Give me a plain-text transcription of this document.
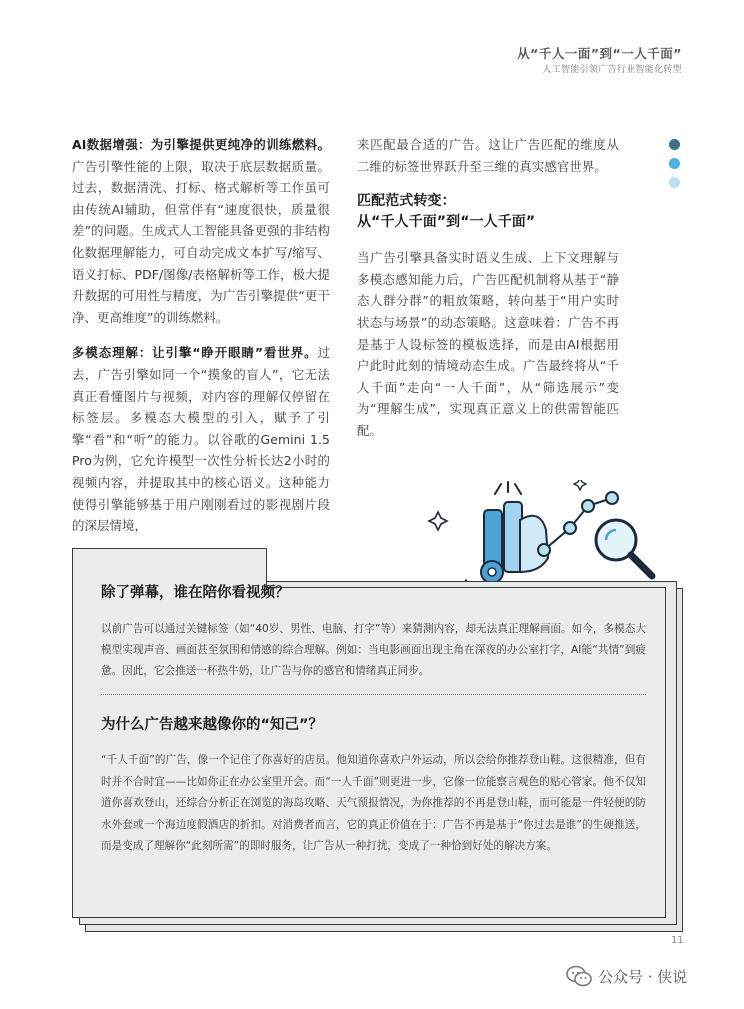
从“千人一面”到“一人千面”
人工智能引领广告行业智能化转型

AI数据增强：为引擎提供更纯净的训练燃料。广告引擎性能的上限，取决于底层数据质量。过去，数据清洗、打标、格式解析等工作虽可由传统AI辅助，但常伴有“速度很快，质量很差”的问题。生成式人工智能具备更强的非结构化数据理解能力，可自动完成文本扩写/缩写、语义打标、PDF/图像/表格解析等工作，极大提升数据的可用性与精度，为广告引擎提供“更干净、更高维度”的训练燃料。

多模态理解：让引擎“睁开眼睛”看世界。过去，广告引擎如同一个“摸象的盲人”，它无法真正看懂图片与视频，对内容的理解仅停留在标签层。多模态大模型的引入，赋予了引擎“看”和“听”的能力。以谷歌的Gemini 1.5 Pro为例，它允许模型一次性分析长达2小时的视频内容，并提取其中的核心语义。这种能力使得引擎能够基于用户刚刚看过的影视剧片段的深层情境，

来匹配最合适的广告。这让广告匹配的维度从二维的标签世界跃升至三维的真实感官世界。

匹配范式转变：
从“千人千面”到“一人千面”

当广告引擎具备实时语义生成、上下文理解与多模态感知能力后，广告匹配机制将从基于“静态人群分群”的粗放策略，转向基于“用户实时状态与场景”的动态策略。这意味着：广告不再是基于人设标签的模板选择，而是由AI根据用户此时此刻的情境动态生成。广告最终将从“千人千面”走向“一人千面”，从“筛选展示”变为“理解生成”，实现真正意义上的供需智能匹配。

除了弹幕，谁在陪你看视频？
以前广告可以通过关键标签（如“40岁、男性、电脑、打字”等）来猜测内容，却无法真正理解画面。如今，多模态大模型实现声音、画面甚至氛围和情感的综合理解。例如：当电影画面出现主角在深夜的办公室打字，AI能“共情”到疲惫。因此，它会推送一杯热牛奶，让广告与你的感官和情绪真正同步。
为什么广告越来越像你的“知己”？
“千人千面”的广告，像一个记住了你喜好的店员。他知道你喜欢户外运动，所以会给你推荐登山鞋。这很精准，但有时并不合时宜——比如你正在办公室里开会。而“一人千面”则更进一步，它像一位能察言观色的贴心管家。他不仅知道你喜欢登山，还综合分析正在浏览的海岛攻略、天气预报情况，为你推荐的不再是登山鞋，而可能是一件轻便的防水外套或一个海边度假酒店的折扣。对消费者而言，它的真正价值在于：广告不再是基于“你过去是谁”的生硬推送，而是变成了理解你“此刻所需”的即时服务，让广告从一种打扰，变成了一种恰到好处的解决方案。
11
公众号 · 侠说
